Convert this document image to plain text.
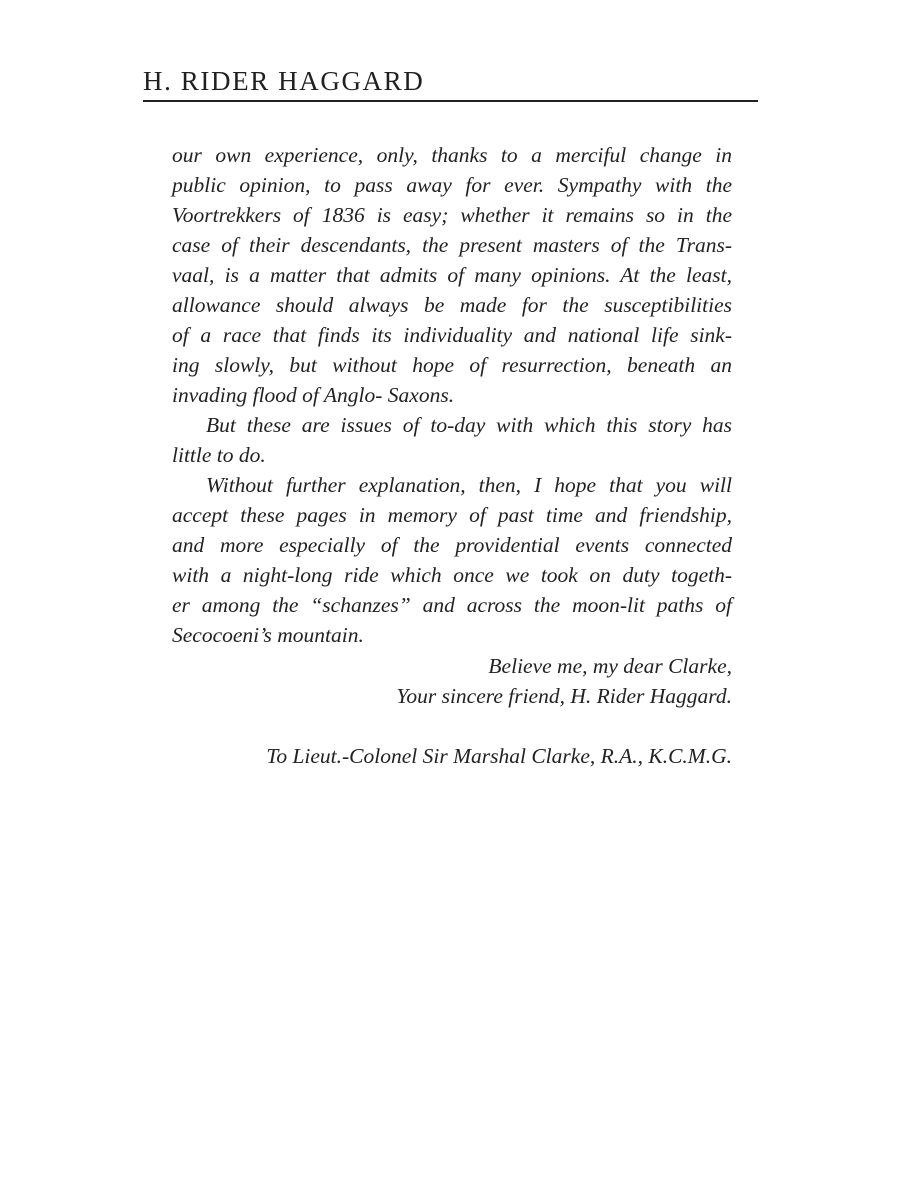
H. RIDER HAGGARD
our own experience, only, thanks to a merciful change in
public opinion, to pass away for ever. Sympathy with the
Voortrekkers of 1836 is easy; whether it remains so in the
case of their descendants, the present masters of the Trans-
vaal, is a matter that admits of many opinions. At the least,
allowance should always be made for the susceptibilities
of a race that finds its individuality and national life sink-
ing slowly, but without hope of resurrection, beneath an
invading flood of Anglo- Saxons.
But these are issues of to-day with which this story has
little to do.
Without further explanation, then, I hope that you will
accept these pages in memory of past time and friendship,
and more especially of the providential events connected
with a night-long ride which once we took on duty togeth-
er among the “schanzes” and across the moon-lit paths of
Secocoeni’s mountain.
Believe me, my dear Clarke,
Your sincere friend, H. Rider Haggard.
To Lieut.-Colonel Sir Marshal Clarke, R.A., K.C.M.G.
